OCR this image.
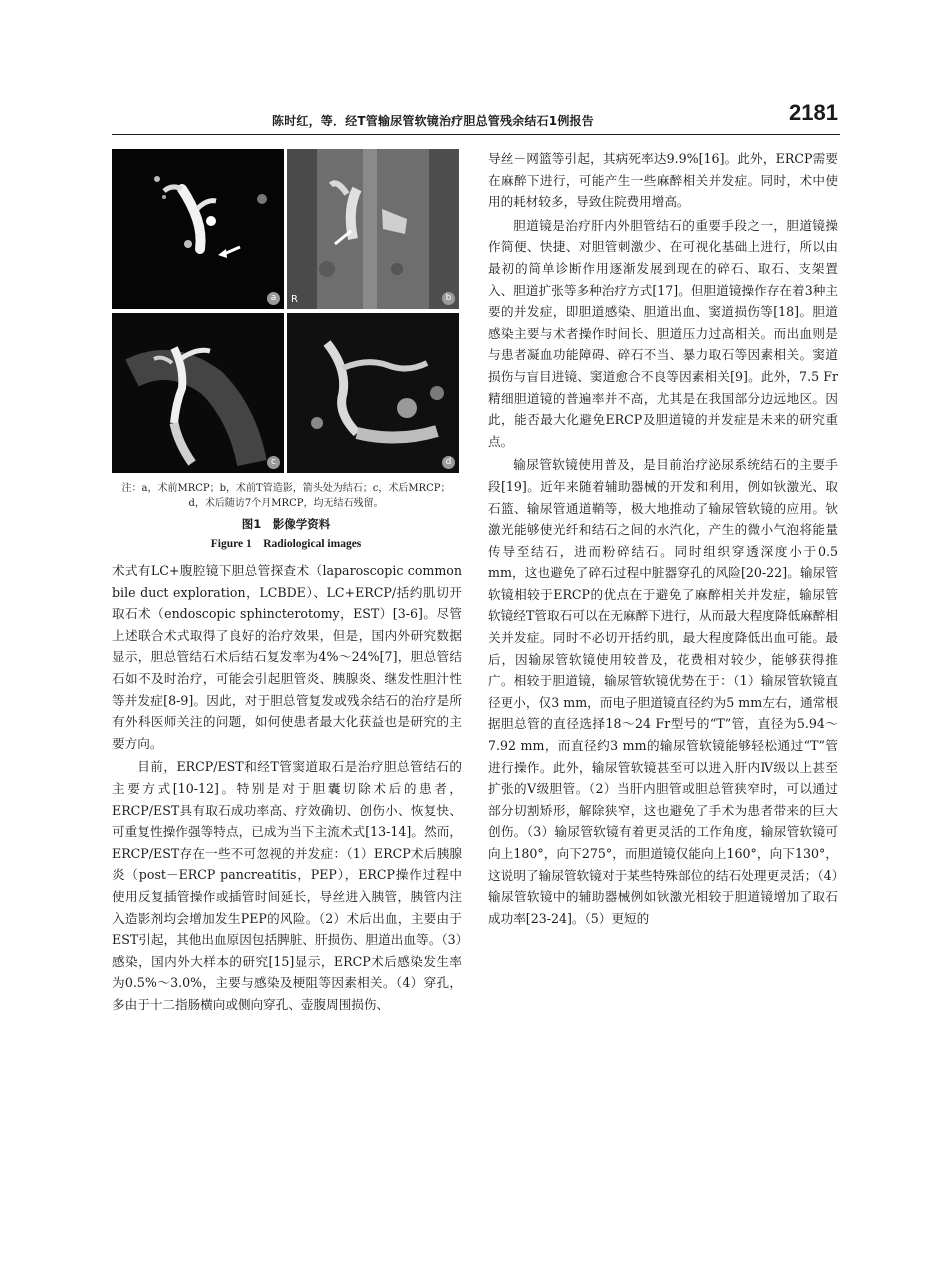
陈时红，等．经T管输尿管软镜治疗胆总管残余结石1例报告	2181
a	R	b
c	d
注：a，术前MRCP；b，术前T管造影，箭头处为结石；c，术后MRCP；
d，术后随访7个月MRCP，均无结石残留。
图1　影像学资料
Figure 1　Radiological images

术式有LC+腹腔镜下胆总管探查术（laparoscopic common bile duct exploration，LCBDE）、LC+ERCP/括约肌切开取石术（endoscopic sphincterotomy，EST）[3-6]。尽管上述联合术式取得了良好的治疗效果，但是，国内外研究数据显示，胆总管结石术后结石复发率为4%～24%[7]，胆总管结石如不及时治疗，可能会引起胆管炎、胰腺炎、继发性胆汁性等并发症[8-9]。因此，对于胆总管复发或残余结石的治疗是所有外科医师关注的问题，如何使患者最大化获益也是研究的主要方向。

目前，ERCP/EST和经T管窦道取石是治疗胆总管结石的主要方式[10-12]。特别是对于胆囊切除术后的患者，ERCP/EST具有取石成功率高、疗效确切、创伤小、恢复快、可重复性操作强等特点，已成为当下主流术式[13-14]。然而，ERCP/EST存在一些不可忽视的并发症：（1）ERCP术后胰腺炎（post－ERCP pancreatitis，PEP），ERCP操作过程中使用反复插管操作或插管时间延长，导丝进入胰管，胰管内注入造影剂均会增加发生PEP的风险。（2）术后出血，主要由于EST引起，其他出血原因包括脾脏、肝损伤、胆道出血等。（3）感染，国内外大样本的研究[15]显示，ERCP术后感染发生率为0.5%～3.0%，主要与感染及梗阻等因素相关。（4）穿孔，多由于十二指肠横向或侧向穿孔、壶腹周围损伤、

导丝－网篮等引起，其病死率达9.9%[16]。此外，ERCP需要在麻醉下进行，可能产生一些麻醉相关并发症。同时，术中使用的耗材较多，导致住院费用增高。

胆道镜是治疗肝内外胆管结石的重要手段之一，胆道镜操作简便、快捷、对胆管刺激少、在可视化基础上进行，所以由最初的简单诊断作用逐渐发展到现在的碎石、取石、支架置入、胆道扩张等多种治疗方式[17]。但胆道镜操作存在着3种主要的并发症，即胆道感染、胆道出血、窦道损伤等[18]。胆道感染主要与术者操作时间长、胆道压力过高相关。而出血则是与患者凝血功能障碍、碎石不当、暴力取石等因素相关。窦道损伤与盲目进镜、窦道愈合不良等因素相关[9]。此外，7.5 Fr精细胆道镜的普遍率并不高，尤其是在我国部分边远地区。因此，能否最大化避免ERCP及胆道镜的并发症是未来的研究重点。

输尿管软镜使用普及，是目前治疗泌尿系统结石的主要手段[19]。近年来随着辅助器械的开发和利用，例如钬激光、取石篮、输尿管通道鞘等，极大地推动了输尿管软镜的应用。钬激光能够使光纤和结石之间的水汽化，产生的微小气泡将能量传导至结石，进而粉碎结石。同时组织穿透深度小于0.5 mm，这也避免了碎石过程中脏器穿孔的风险[20-22]。输尿管软镜相较于ERCP的优点在于避免了麻醉相关并发症，输尿管软镜经T管取石可以在无麻醉下进行，从而最大程度降低麻醉相关并发症。同时不必切开括约肌，最大程度降低出血可能。最后，因输尿管软镜使用较普及，花费相对较少，能够获得推广。相较于胆道镜，输尿管软镜优势在于：（1）输尿管软镜直径更小，仅3 mm，而电子胆道镜直径约为5 mm左右，通常根据胆总管的直径选择18～24 Fr型号的“T”管，直径为5.94～7.92 mm，而直径约3 mm的输尿管软镜能够轻松通过“T”管进行操作。此外，输尿管软镜甚至可以进入肝内Ⅳ级以上甚至扩张的Ⅴ级胆管。（2）当肝内胆管或胆总管狭窄时，可以通过部分切割矫形，解除狭窄，这也避免了手术为患者带来的巨大创伤。（3）输尿管软镜有着更灵活的工作角度，输尿管软镜可向上180°，向下275°，而胆道镜仅能向上160°，向下130°，这说明了输尿管软镜对于某些特殊部位的结石处理更灵活；（4）输尿管软镜中的辅助器械例如钬激光相较于胆道镜增加了取石成功率[23-24]。（5）更短的
